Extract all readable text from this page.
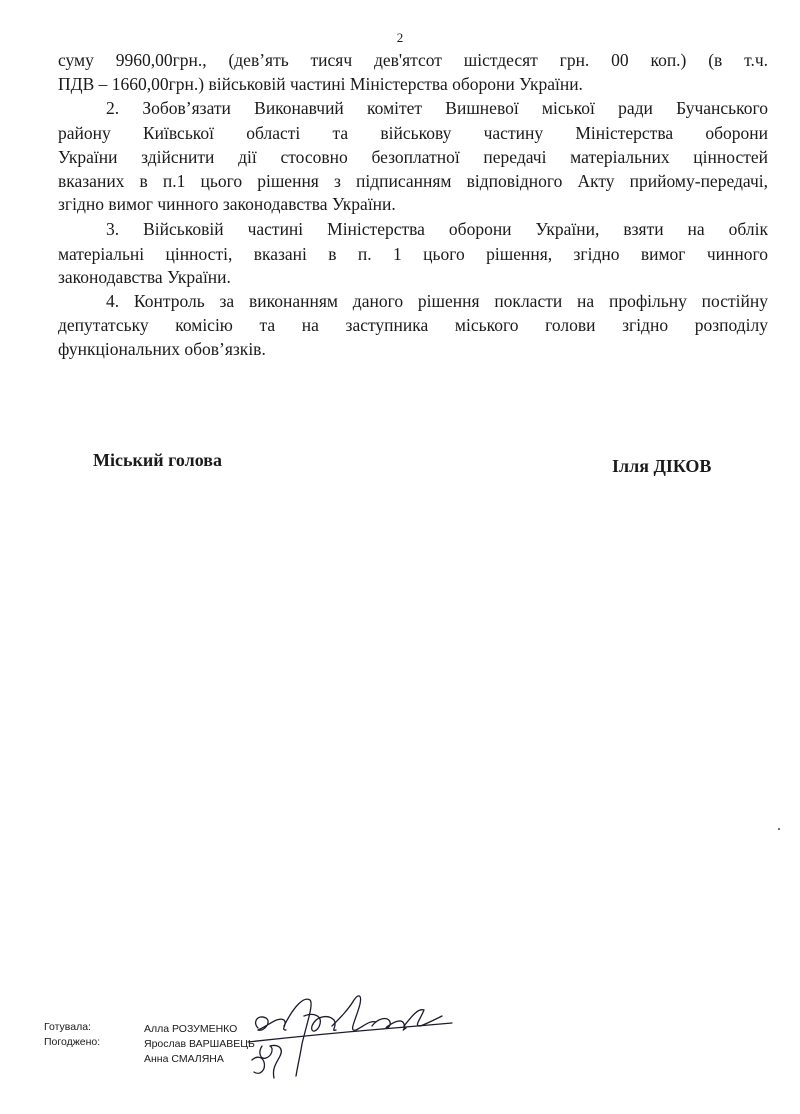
2
суму 9960,00грн., (дев’ять тисяч дев'ятсот шістдесят грн. 00 коп.) (в т.ч.
ПДВ – 1660,00грн.) військовій частині Міністерства оборони України.
2. Зобов’язати Виконавчий комітет Вишневої міської ради Бучанського
району Київської області та військову частину Міністерства оборони
України здійснити дії стосовно безоплатної передачі матеріальних цінностей
вказаних в п.1 цього рішення з підписанням відповідного Акту прийому-передачі,
згідно вимог чинного законодавства України.
3. Військовій частині Міністерства оборони України, взяти на облік
матеріальні цінності, вказані в п. 1 цього рішення, згідно вимог чинного
законодавства України.
4. Контроль за виконанням даного рішення покласти на профільну постійну
депутатську комісію та на заступника міського голови згідно розподілу
функціональних обов’язків.
Міський голова	Ілля ДІКОВ
Готувала:
Погоджено:
Алла РОЗУМЕНКО
Ярослав ВАРШАВЕЦЬ
Анна СМАЛЯНА
